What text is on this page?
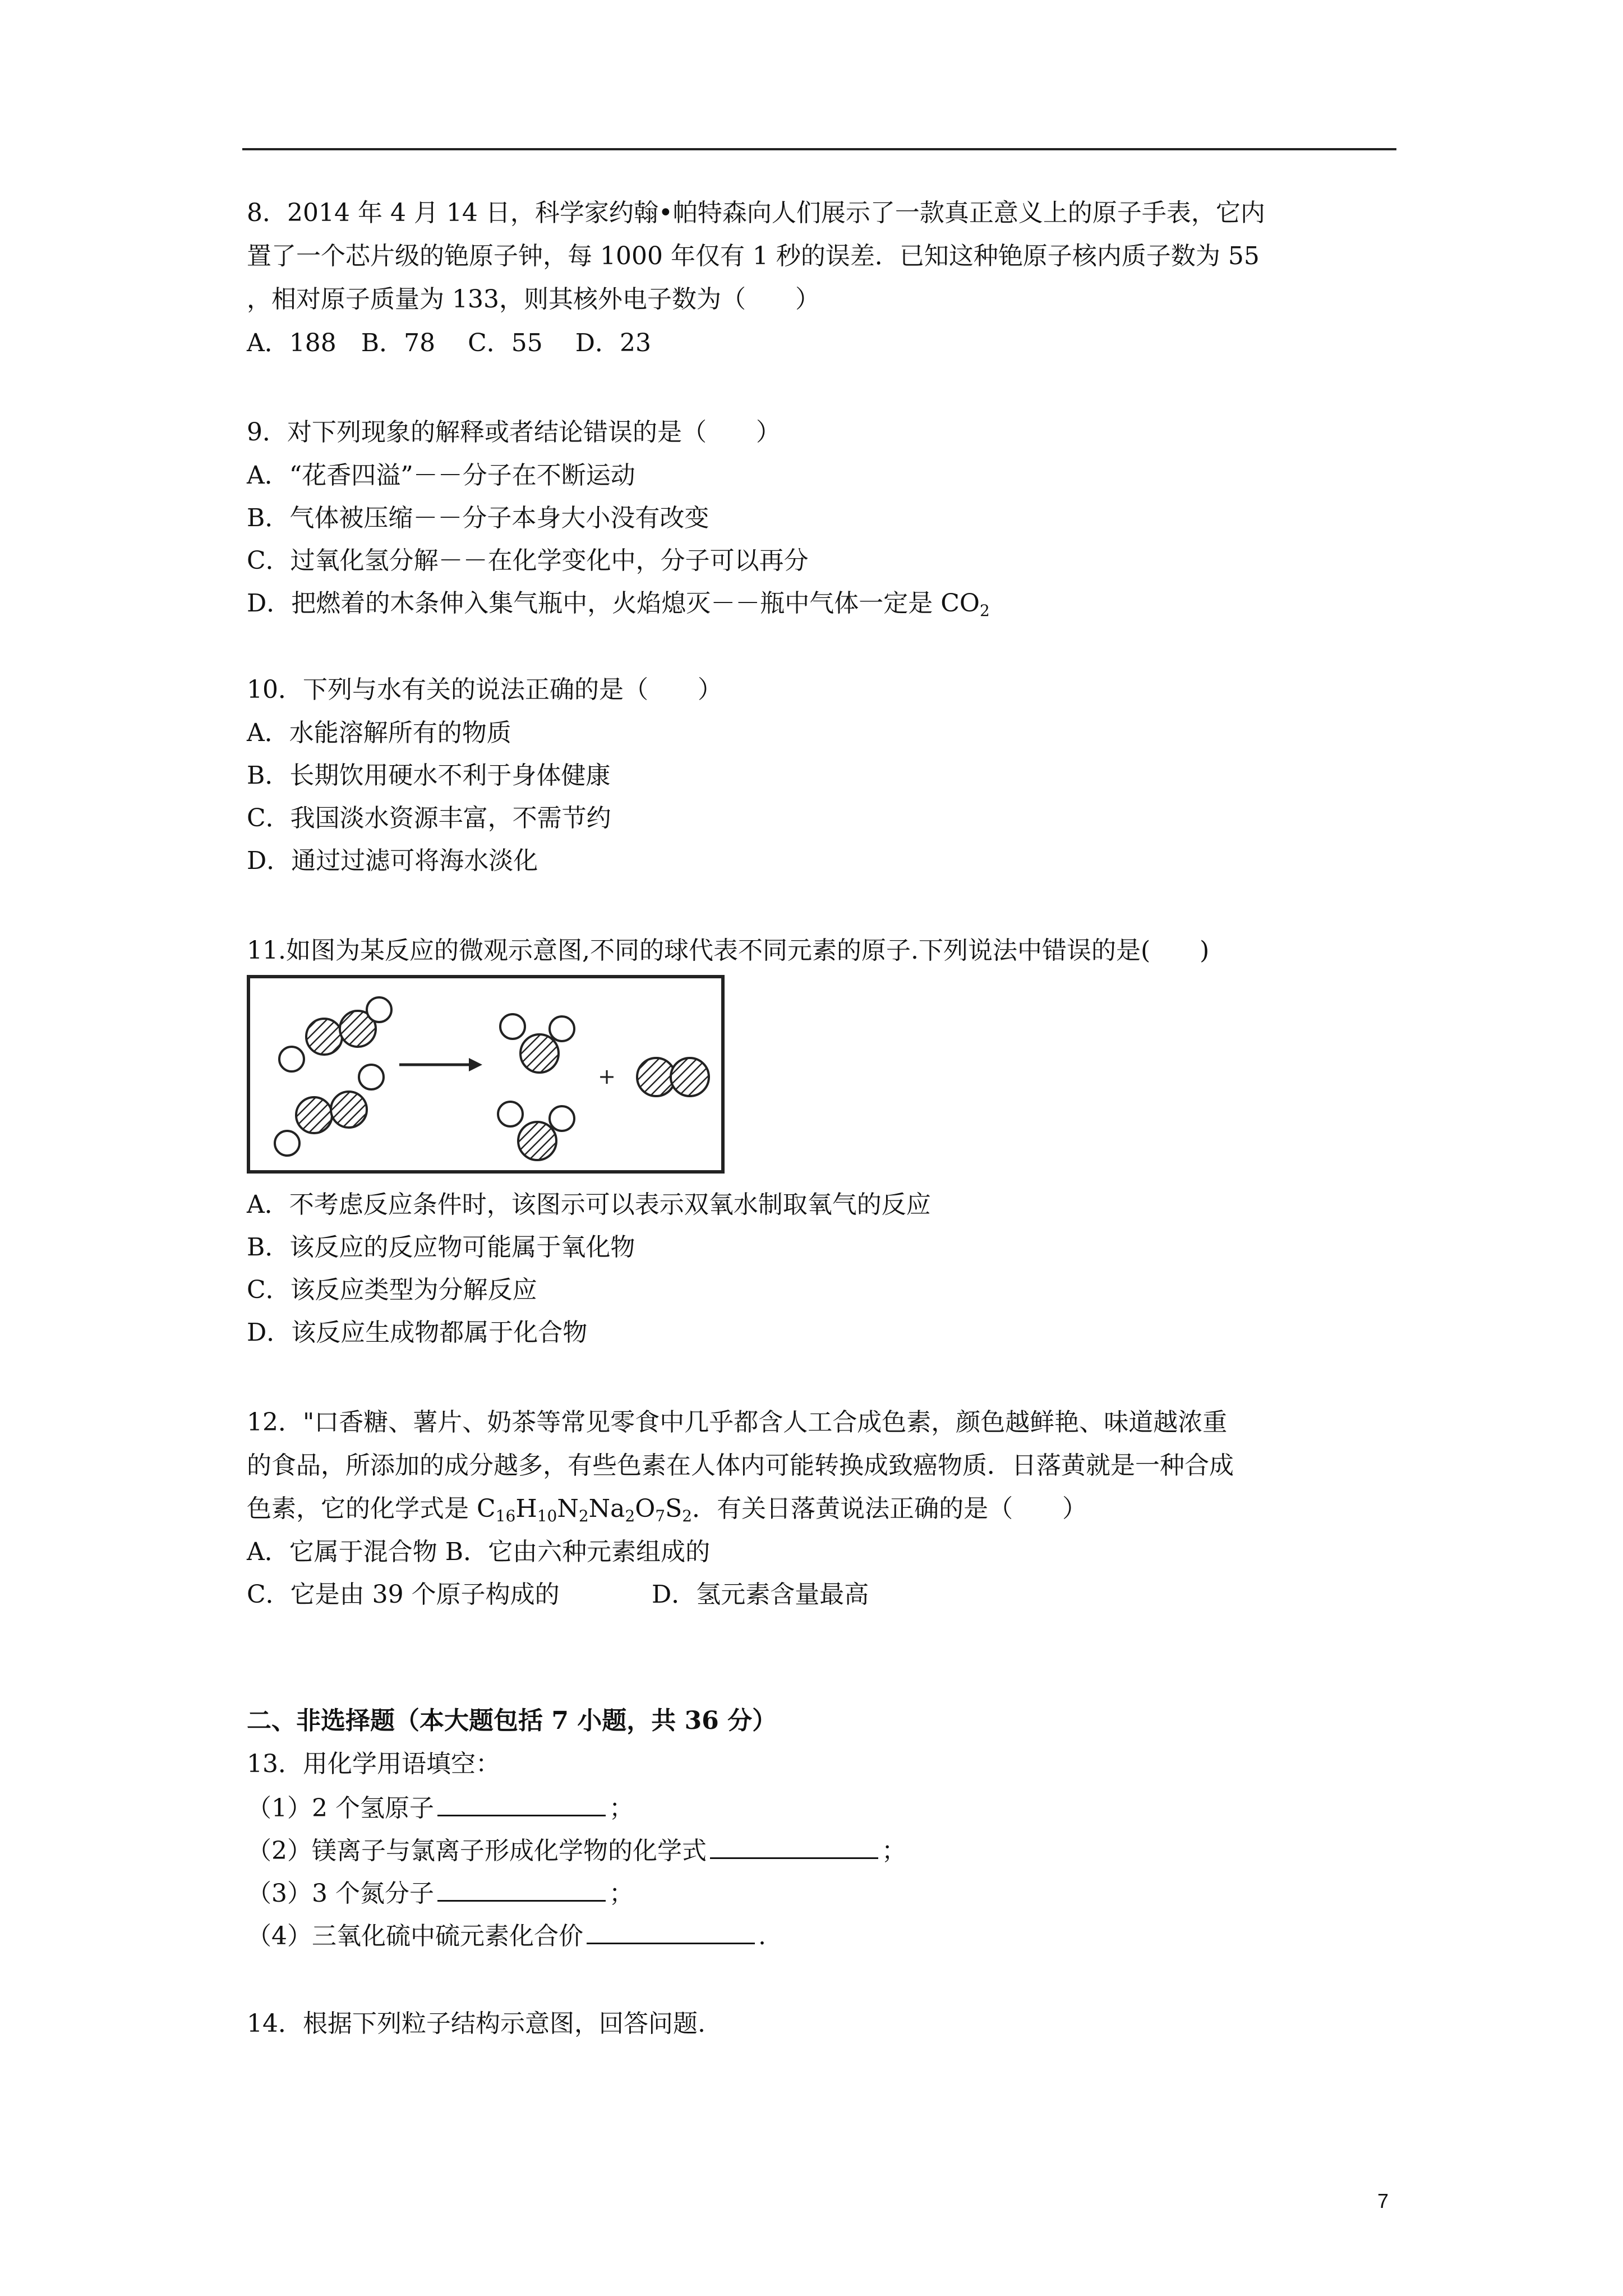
8．2014 年 4 月 14 日，科学家约翰•帕特森向人们展示了一款真正意义上的原子手表，它内
置了一个芯片级的铯原子钟，每 1000 年仅有 1 秒的误差．已知这种铯原子核内质子数为 55
，相对原子质量为 133，则其核外电子数为（　　）
A．188　B．78　 C．55　 D．23
9．对下列现象的解释或者结论错误的是（　　）
A．“花香四溢”－－分子在不断运动
B．气体被压缩－－分子本身大小没有改变
C．过氧化氢分解－－在化学变化中，分子可以再分
D．把燃着的木条伸入集气瓶中，火焰熄灭－－瓶中气体一定是 $CO_2$
10．下列与水有关的说法正确的是（　　）
A．水能溶解所有的物质
B．长期饮用硬水不利于身体健康
C．我国淡水资源丰富，不需节约
D．通过过滤可将海水淡化
11.如图为某反应的微观示意图,不同的球代表不同元素的原子.下列说法中错误的是(　　)
+
A．不考虑反应条件时，该图示可以表示双氧水制取氧气的反应
B．该反应的反应物可能属于氧化物
C．该反应类型为分解反应
D．该反应生成物都属于化合物
12．"口香糖、薯片、奶茶等常见零食中几乎都含人工合成色素，颜色越鲜艳、味道越浓重
的食品，所添加的成分越多，有些色素在人体内可能转换成致癌物质．日落黄就是一种合成
色素，它的化学式是 $C_{16}H_{10}N_2Na_2O_7S_2$．有关日落黄说法正确的是（　　）
A．它属于混合物 B．它由六种元素组成的
C．它是由 39 个原子构成的	D．氢元素含量最高
二、非选择题（本大题包括 7 小题，共 36 分）
13．用化学用语填空：
（1）2 个氢原子	；
（2）镁离子与氯离子形成化学物的化学式	；
（3）3 个氮分子	；
（4）三氧化硫中硫元素化合价	.
14．根据下列粒子结构示意图，回答问题.
7
